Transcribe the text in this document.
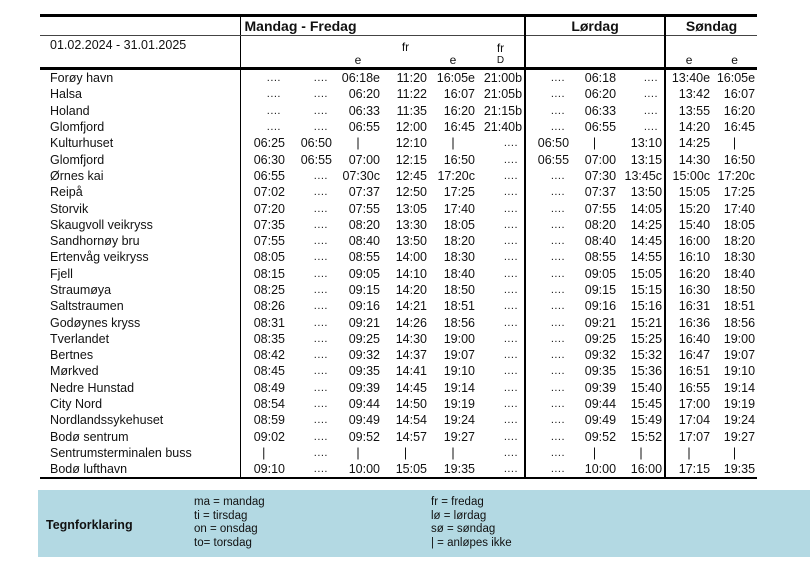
	Mandag - Fredag						Lørdag			Søndag	
01.02.2024 - 31.01.2025			e	fr	e	fr
D				e	e

Forøy havn	....	....	06:18e	11:20	16:05e	21:00b	....	06:18	....	13:40e	16:05e
Halsa	....	....	06:20	11:22	16:07	21:05b	....	06:20	....	13:42	16:07
Holand	....	....	06:33	11:35	16:20	21:15b	....	06:33	....	13:55	16:20
Glomfjord	....	....	06:55	12:00	16:45	21:40b	....	06:55	....	14:20	16:45
Kulturhuset	06:25	06:50	|	12:10	|	....	06:50	|	13:10	14:25	|
Glomfjord	06:30	06:55	07:00	12:15	16:50	....	06:55	07:00	13:15	14:30	16:50
Ørnes kai	06:55	....	07:30c	12:45	17:20c	....	....	07:30	13:45c	15:00c	17:20c
Reipå	07:02	....	07:37	12:50	17:25	....	....	07:37	13:50	15:05	17:25
Storvik	07:20	....	07:55	13:05	17:40	....	....	07:55	14:05	15:20	17:40
Skaugvoll veikryss	07:35	....	08:20	13:30	18:05	....	....	08:20	14:25	15:40	18:05
Sandhornøy bru	07:55	....	08:40	13:50	18:20	....	....	08:40	14:45	16:00	18:20
Ertenvåg veikryss	08:05	....	08:55	14:00	18:30	....	....	08:55	14:55	16:10	18:30
Fjell	08:15	....	09:05	14:10	18:40	....	....	09:05	15:05	16:20	18:40
Straumøya	08:25	....	09:15	14:20	18:50	....	....	09:15	15:15	16:30	18:50
Saltstraumen	08:26	....	09:16	14:21	18:51	....	....	09:16	15:16	16:31	18:51
Godøynes kryss	08:31	....	09:21	14:26	18:56	....	....	09:21	15:21	16:36	18:56
Tverlandet	08:35	....	09:25	14:30	19:00	....	....	09:25	15:25	16:40	19:00
Bertnes	08:42	....	09:32	14:37	19:07	....	....	09:32	15:32	16:47	19:07
Mørkved	08:45	....	09:35	14:41	19:10	....	....	09:35	15:36	16:51	19:10
Nedre Hunstad	08:49	....	09:39	14:45	19:14	....	....	09:39	15:40	16:55	19:14
City Nord	08:54	....	09:44	14:50	19:19	....	....	09:44	15:45	17:00	19:19
Nordlandssykehuset	08:59	....	09:49	14:54	19:24	....	....	09:49	15:49	17:04	19:24
Bodø sentrum	09:02	....	09:52	14:57	19:27	....	....	09:52	15:52	17:07	19:27
Sentrumsterminalen buss	|	....	|	|	|	....	....	|	|	|	|
Bodø lufthavn	09:10	....	10:00	15:05	19:35	....	....	10:00	16:00	17:15	19:35
Tegnforklaring
ma = mandag
ti = tirsdag
on = onsdag
to= torsdag
fr = fredag
lø = lørdag
sø = søndag
| = anløpes ikke
